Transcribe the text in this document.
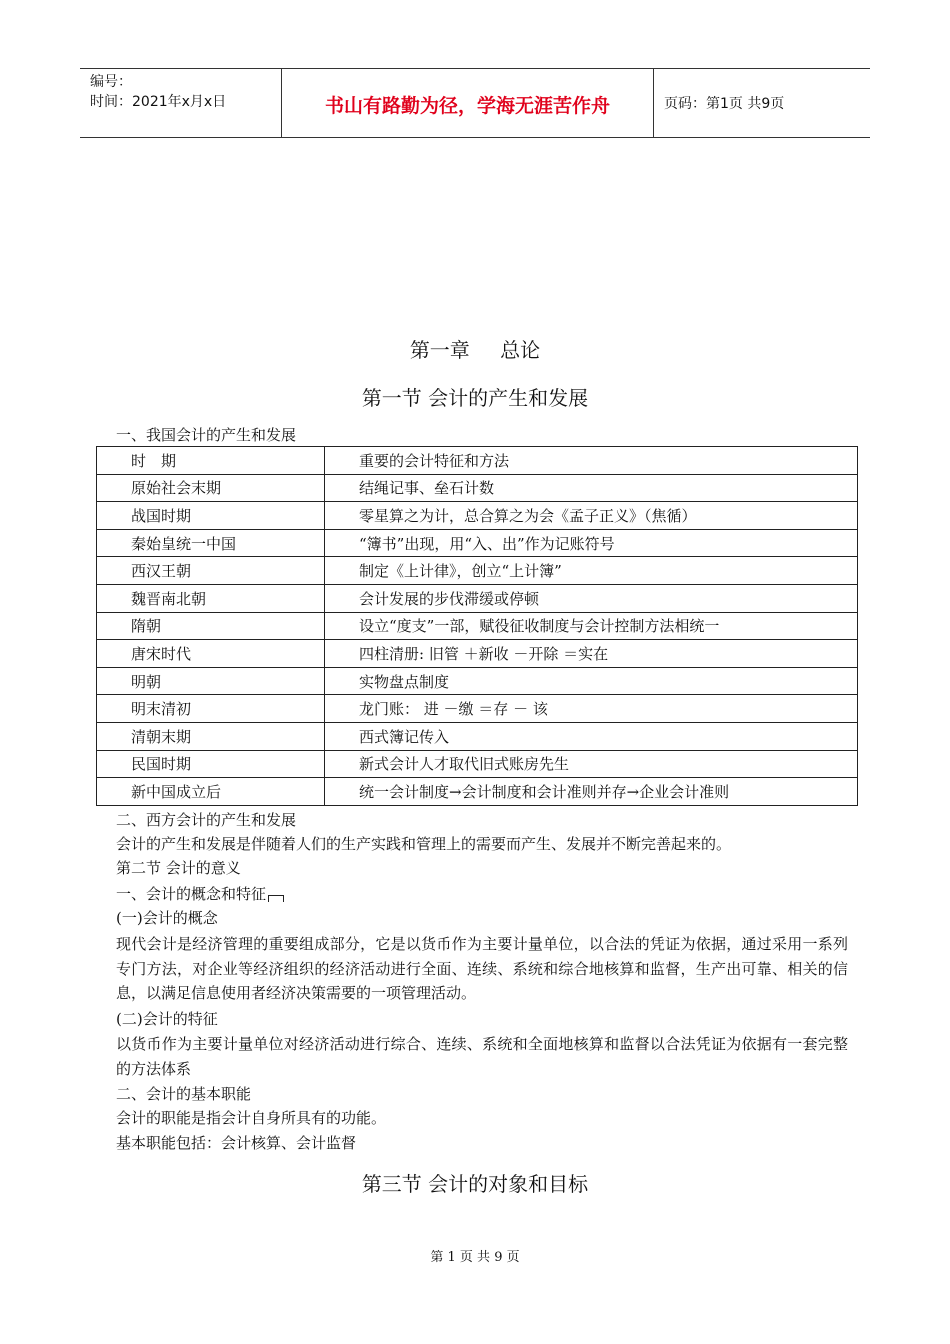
编号：
时间：2021年x月x日	书山有路勤为径，学海无涯苦作舟	页码：第1页 共9页
第一章 总论
第一节 会计的产生和发展
一、我国会计的产生和发展
时　期	重要的会计特征和方法
原始社会末期	结绳记事、垒石计数
战国时期	零星算之为计，总合算之为会《孟子正义》（焦循）
秦始皇统一中国	“簿书”出现，用“入、出”作为记账符号
西汉王朝	制定《上计律》，创立“上计簿”
魏晋南北朝	会计发展的步伐滞缓或停顿
隋朝	设立“度支”一部，赋役征收制度与会计控制方法相统一
唐宋时代	四柱清册: 旧管 ＋新收 －开除 ＝实在
明朝	实物盘点制度
明末清初	龙门账： 进 －缴 ＝存 － 该
清朝末期	西式簿记传入
民国时期	新式会计人才取代旧式账房先生
新中国成立后	统一会计制度→会计制度和会计准则并存→企业会计准则
二、西方会计的产生和发展
会计的产生和发展是伴随着人们的生产实践和管理上的需要而产生、发展并不断完善起来的。
第二节 会计的意义
一、会计的概念和特征
(一)会计的概念
现代会计是经济管理的重要组成部分，它是以货币作为主要计量单位，以合法的凭证为依据，通过采用一系列专门方法，对企业等经济组织的经济活动进行全面、连续、系统和综合地核算和监督，生产出可靠、相关的信息，以满足信息使用者经济决策需要的一项管理活动。
(二)会计的特征
以货币作为主要计量单位对经济活动进行综合、连续、系统和全面地核算和监督以合法凭证为依据有一套完整的方法体系
二、会计的基本职能
会计的职能是指会计自身所具有的功能。
基本职能包括：会计核算、会计监督
第三节 会计的对象和目标
第 1 页 共 9 页
